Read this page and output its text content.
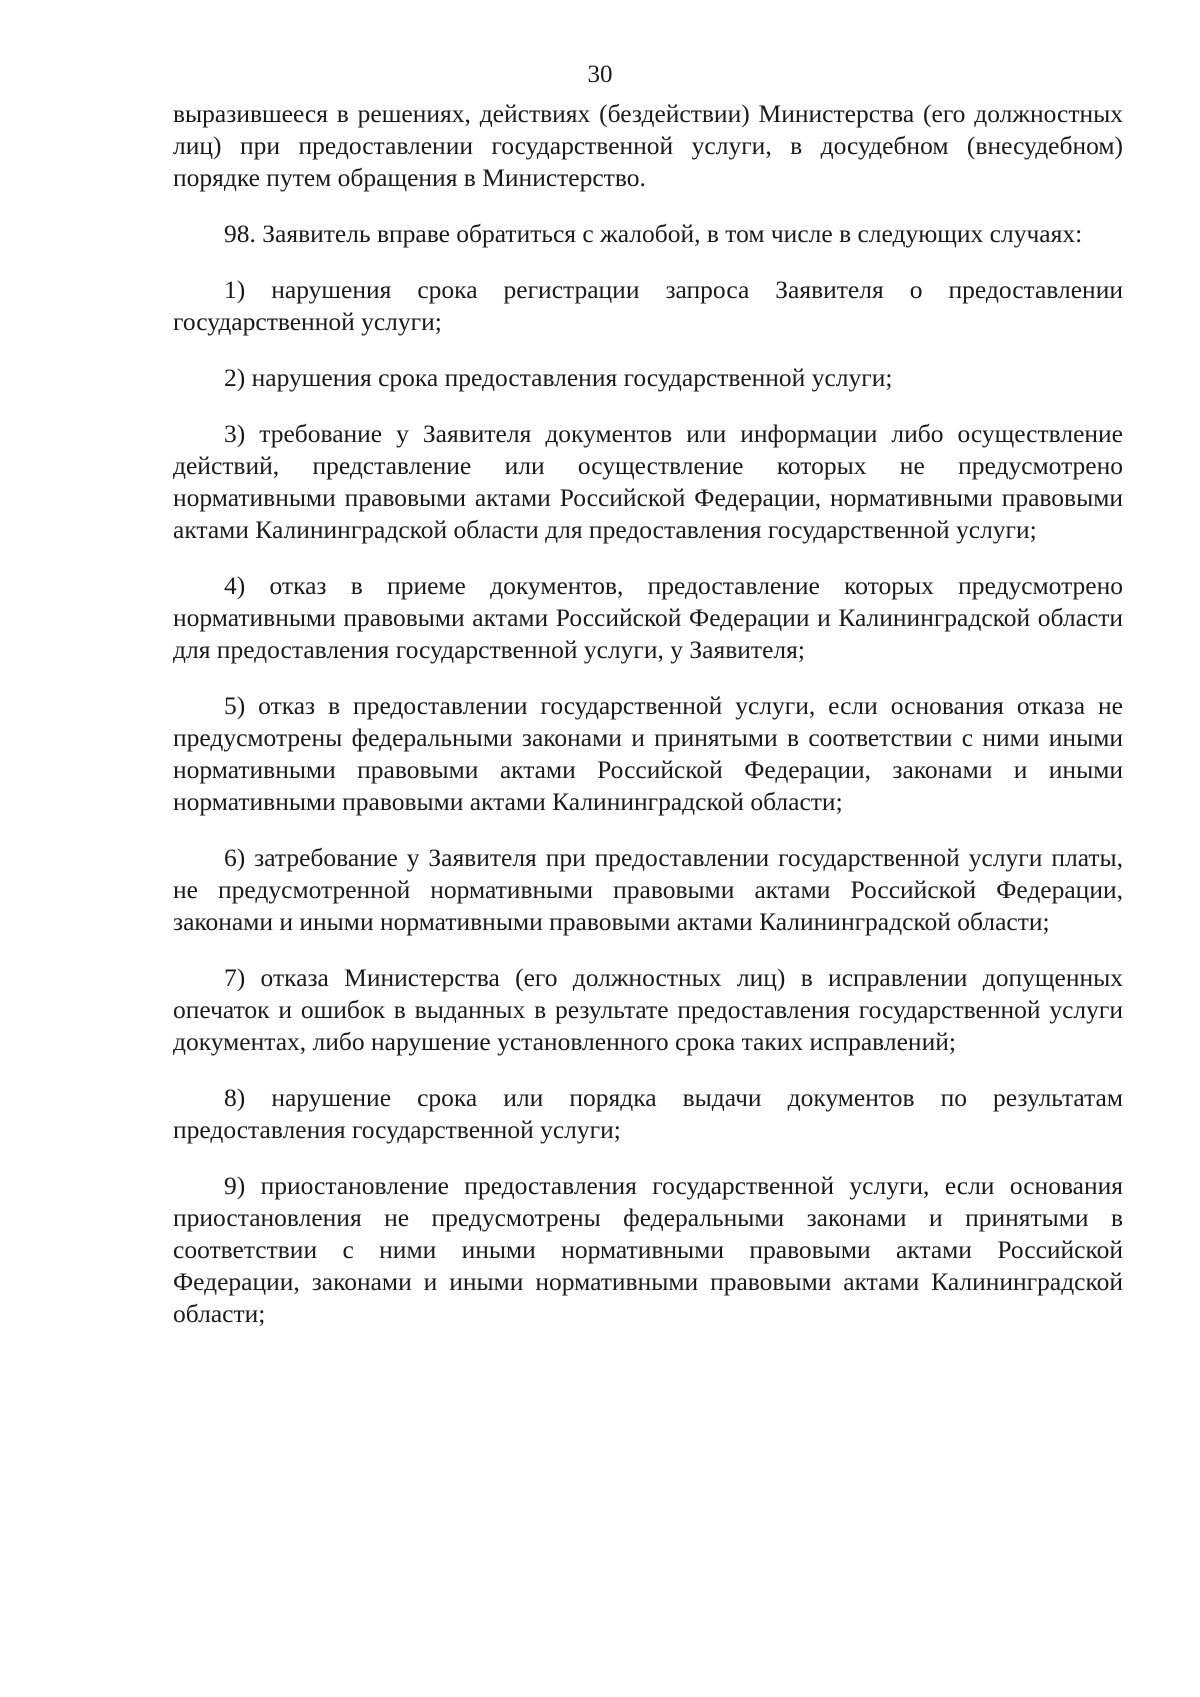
30

выразившееся в решениях, действиях (бездействии) Министерства (его должностных лиц) при предоставлении государственной услуги, в досудебном (внесудебном) порядке путем обращения в Министерство.

98. Заявитель вправе обратиться с жалобой, в том числе в следующих случаях:

1) нарушения срока регистрации запроса Заявителя о предоставлении государственной услуги;

2) нарушения срока предоставления государственной услуги;

3) требование у Заявителя документов или информации либо осуществление действий, представление или осуществление которых не предусмотрено нормативными правовыми актами Российской Федерации, нормативными правовыми актами Калининградской области для предоставления государственной услуги;

4) отказ в приеме документов, предоставление которых предусмотрено нормативными правовыми актами Российской Федерации и Калининградской области для предоставления государственной услуги, у Заявителя;

5) отказ в предоставлении государственной услуги, если основания отказа не предусмотрены федеральными законами и принятыми в соответствии с ними иными нормативными правовыми актами Российской Федерации, законами и иными нормативными правовыми актами Калининградской области;

6) затребование у Заявителя при предоставлении государственной услуги платы, не предусмотренной нормативными правовыми актами Российской Федерации, законами и иными нормативными правовыми актами Калининградской области;

7) отказа Министерства (его должностных лиц) в исправлении допущенных опечаток и ошибок в выданных в результате предоставления государственной услуги документах, либо нарушение установленного срока таких исправлений;

8) нарушение срока или порядка выдачи документов по результатам предоставления государственной услуги;

9) приостановление предоставления государственной услуги, если основания приостановления не предусмотрены федеральными законами и принятыми в соответствии с ними иными нормативными правовыми актами Российской Федерации, законами и иными нормативными правовыми актами Калининградской области;
